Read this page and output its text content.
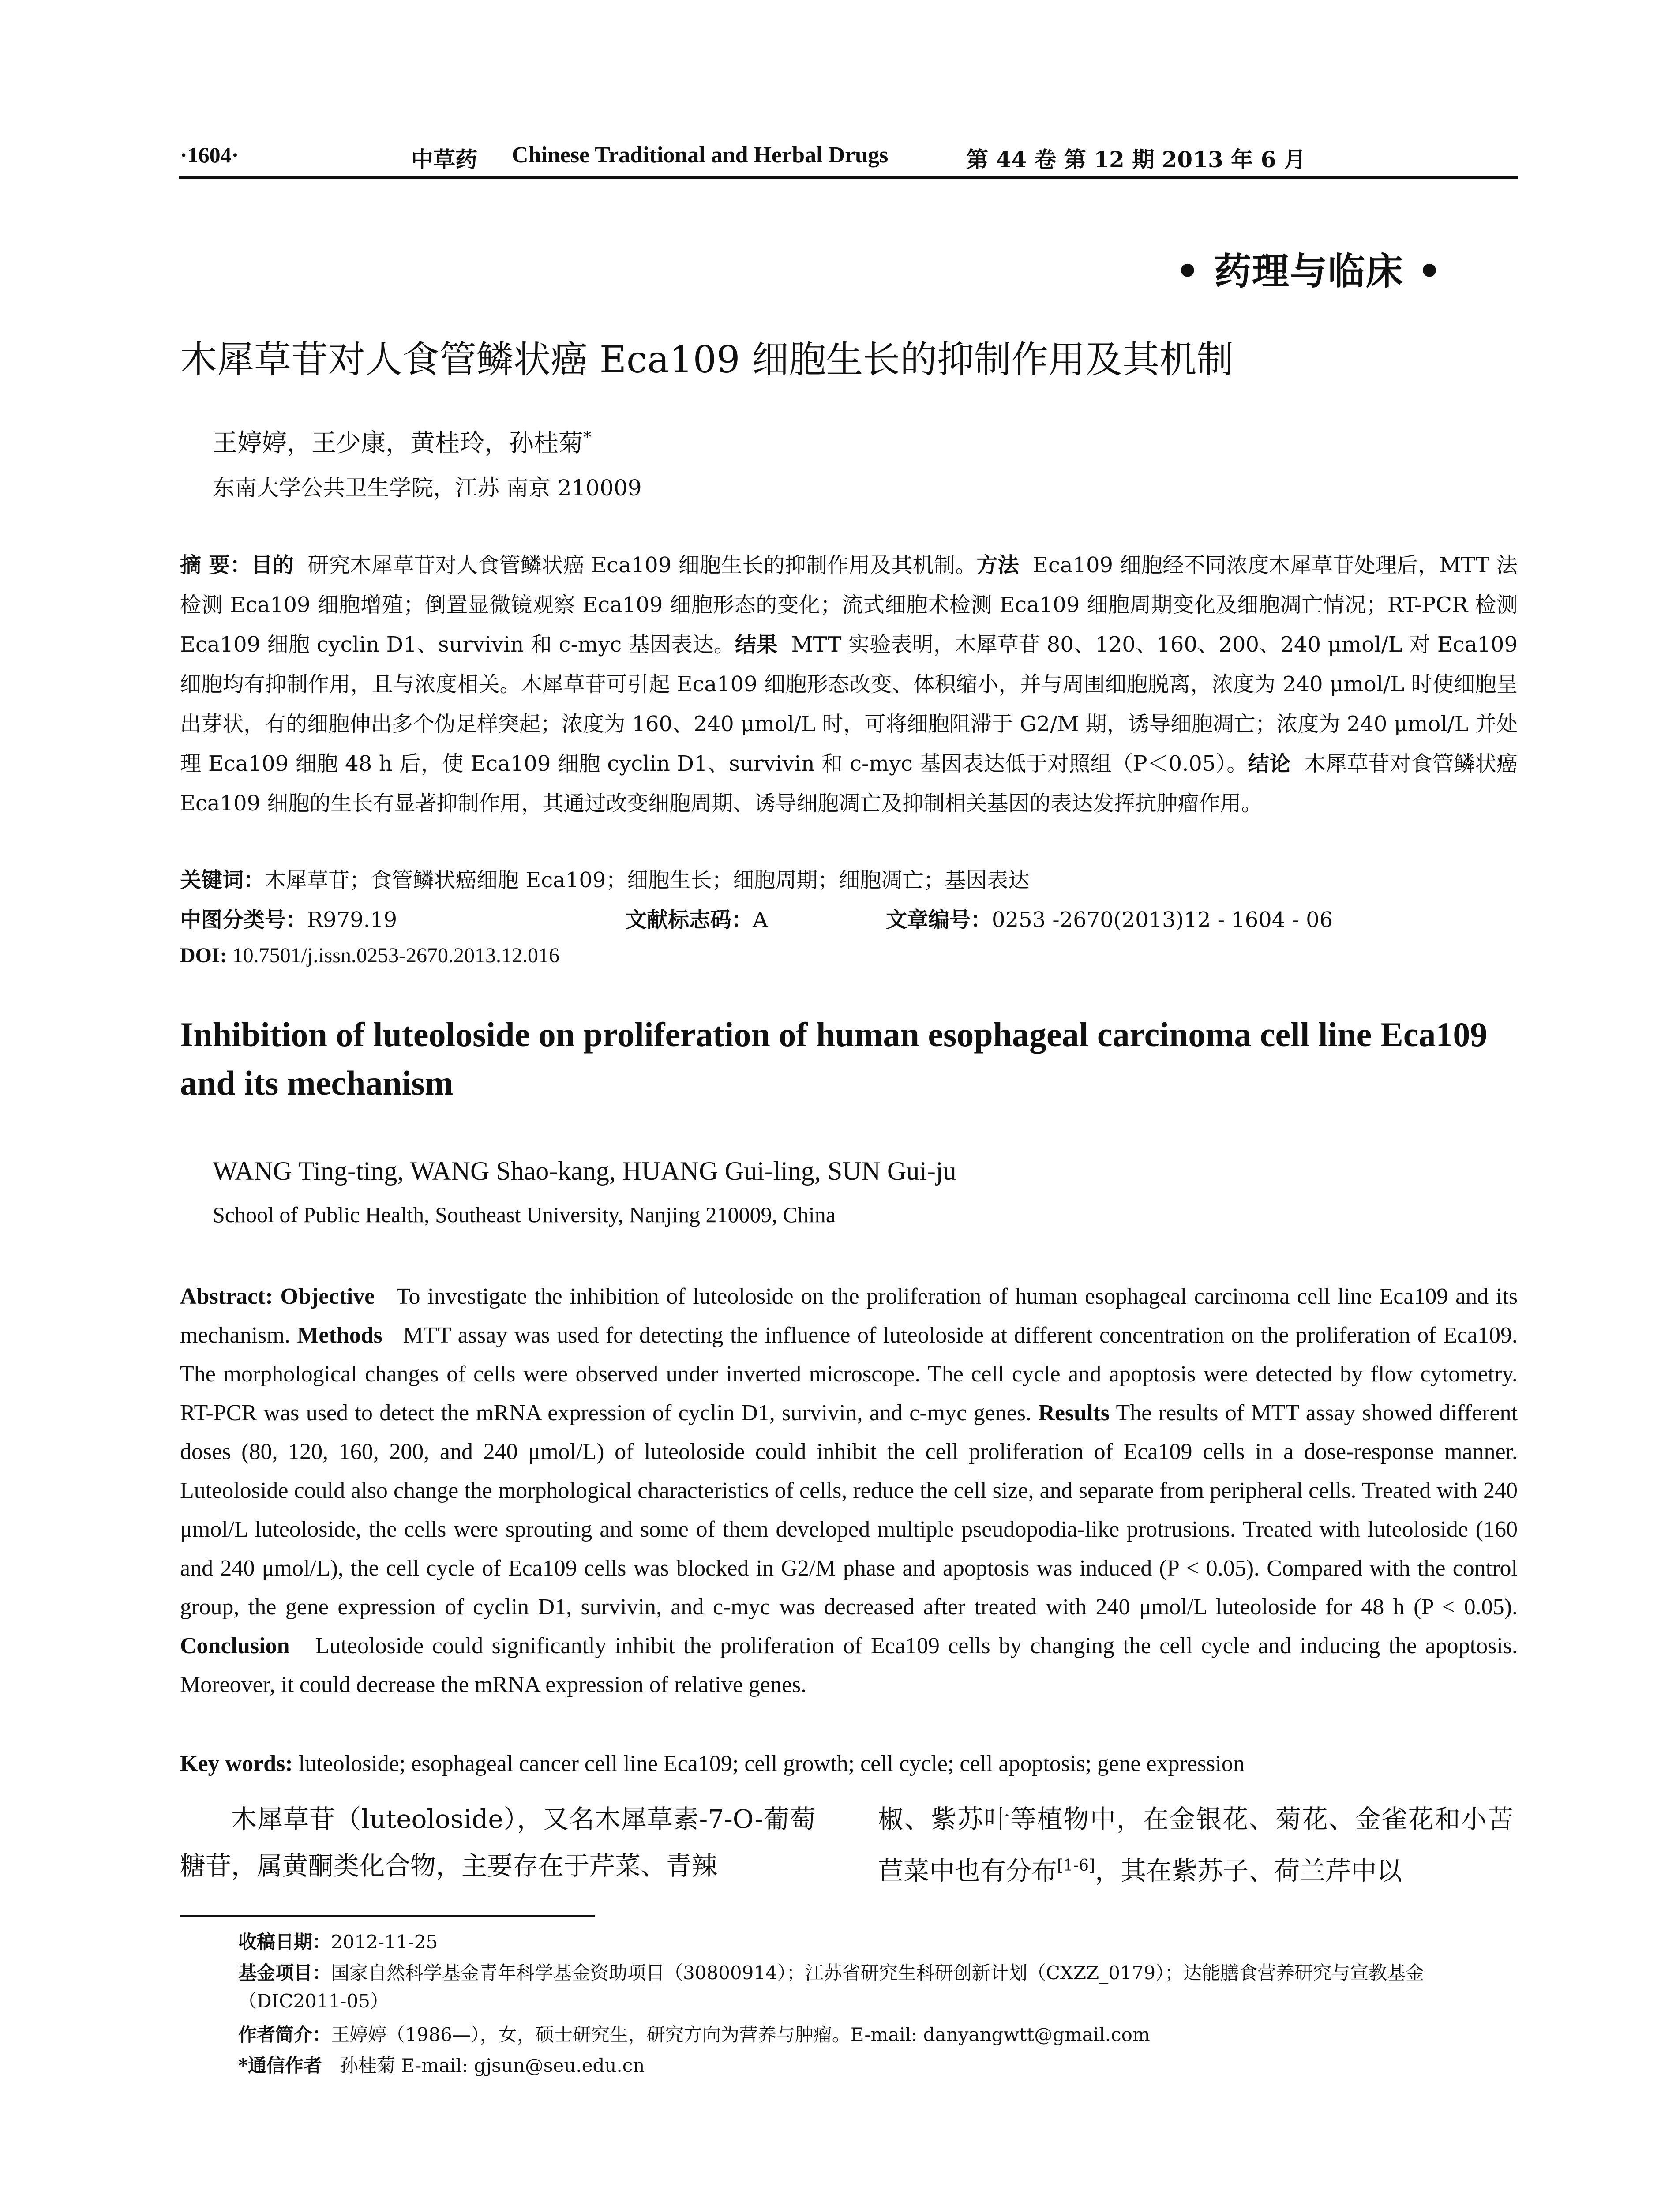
·1604·	中草药 Chinese Traditional and Herbal Drugs	第 44 卷 第 12 期 2013 年 6 月
• 药理与临床 •
木犀草苷对人食管鳞状癌 Eca109 细胞生长的抑制作用及其机制
王婷婷，王少康，黄桂玲，孙桂菊*
东南大学公共卫生学院，江苏 南京 210009
摘 要：目的 研究木犀草苷对人食管鳞状癌 Eca109 细胞生长的抑制作用及其机制。方法 Eca109 细胞经不同浓度木犀草苷处理后，MTT 法检测 Eca109 细胞增殖；倒置显微镜观察 Eca109 细胞形态的变化；流式细胞术检测 Eca109 细胞周期变化及细胞凋亡情况；RT-PCR 检测 Eca109 细胞 cyclin D1、survivin 和 c-myc 基因表达。结果 MTT 实验表明，木犀草苷 80、120、160、200、240 μmol/L 对 Eca109 细胞均有抑制作用，且与浓度相关。木犀草苷可引起 Eca109 细胞形态改变、体积缩小，并与周围细胞脱离，浓度为 240 μmol/L 时使细胞呈出芽状，有的细胞伸出多个伪足样突起；浓度为 160、240 μmol/L 时，可将细胞阻滞于 G2/M 期，诱导细胞凋亡；浓度为 240 μmol/L 并处理 Eca109 细胞 48 h 后，使 Eca109 细胞 cyclin D1、survivin 和 c-myc 基因表达低于对照组（P＜0.05）。结论 木犀草苷对食管鳞状癌 Eca109 细胞的生长有显著抑制作用，其通过改变细胞周期、诱导细胞凋亡及抑制相关基因的表达发挥抗肿瘤作用。
关键词：木犀草苷；食管鳞状癌细胞 Eca109；细胞生长；细胞周期；细胞凋亡；基因表达
中图分类号：R979.19	文献标志码：A	文章编号：0253 -2670(2013)12 - 1604 - 06
DOI: 10.7501/j.issn.0253-2670.2013.12.016
Inhibition of luteoloside on proliferation of human esophageal carcinoma cell line Eca109 and its mechanism
WANG Ting-ting, WANG Shao-kang, HUANG Gui-ling, SUN Gui-ju
School of Public Health, Southeast University, Nanjing 210009, China
Abstract: Objective To investigate the inhibition of luteoloside on the proliferation of human esophageal carcinoma cell line Eca109 and its mechanism. Methods MTT assay was used for detecting the influence of luteoloside at different concentration on the proliferation of Eca109. The morphological changes of cells were observed under inverted microscope. The cell cycle and apoptosis were detected by flow cytometry. RT-PCR was used to detect the mRNA expression of cyclin D1, survivin, and c-myc genes. Results The results of MTT assay showed different doses (80, 120, 160, 200, and 240 μmol/L) of luteoloside could inhibit the cell proliferation of Eca109 cells in a dose-response manner. Luteoloside could also change the morphological characteristics of cells, reduce the cell size, and separate from peripheral cells. Treated with 240 μmol/L luteoloside, the cells were sprouting and some of them developed multiple pseudopodia-like protrusions. Treated with luteoloside (160 and 240 μmol/L), the cell cycle of Eca109 cells was blocked in G2/M phase and apoptosis was induced (P < 0.05). Compared with the control group, the gene expression of cyclin D1, survivin, and c-myc was decreased after treated with 240 μmol/L luteoloside for 48 h (P < 0.05). Conclusion Luteoloside could significantly inhibit the proliferation of Eca109 cells by changing the cell cycle and inducing the apoptosis. Moreover, it could decrease the mRNA expression of relative genes.
Key words: luteoloside; esophageal cancer cell line Eca109; cell growth; cell cycle; cell apoptosis; gene expression
木犀草苷（luteoloside），又名木犀草素-7-O-葡萄糖苷，属黄酮类化合物，主要存在于芹菜、青辣
椒、紫苏叶等植物中，在金银花、菊花、金雀花和小苦苣菜中也有分布[1-6]，其在紫苏子、荷兰芹中以
收稿日期：2012-11-25
基金项目：国家自然科学基金青年科学基金资助项目（30800914）；江苏省研究生科研创新计划（CXZZ_0179）；达能膳食营养研究与宣教基金（DIC2011-05）
作者简介：王婷婷（1986—），女，硕士研究生，研究方向为营养与肿瘤。E-mail: danyangwtt@gmail.com
*通信作者 孙桂菊 E-mail: gjsun@seu.edu.cn
